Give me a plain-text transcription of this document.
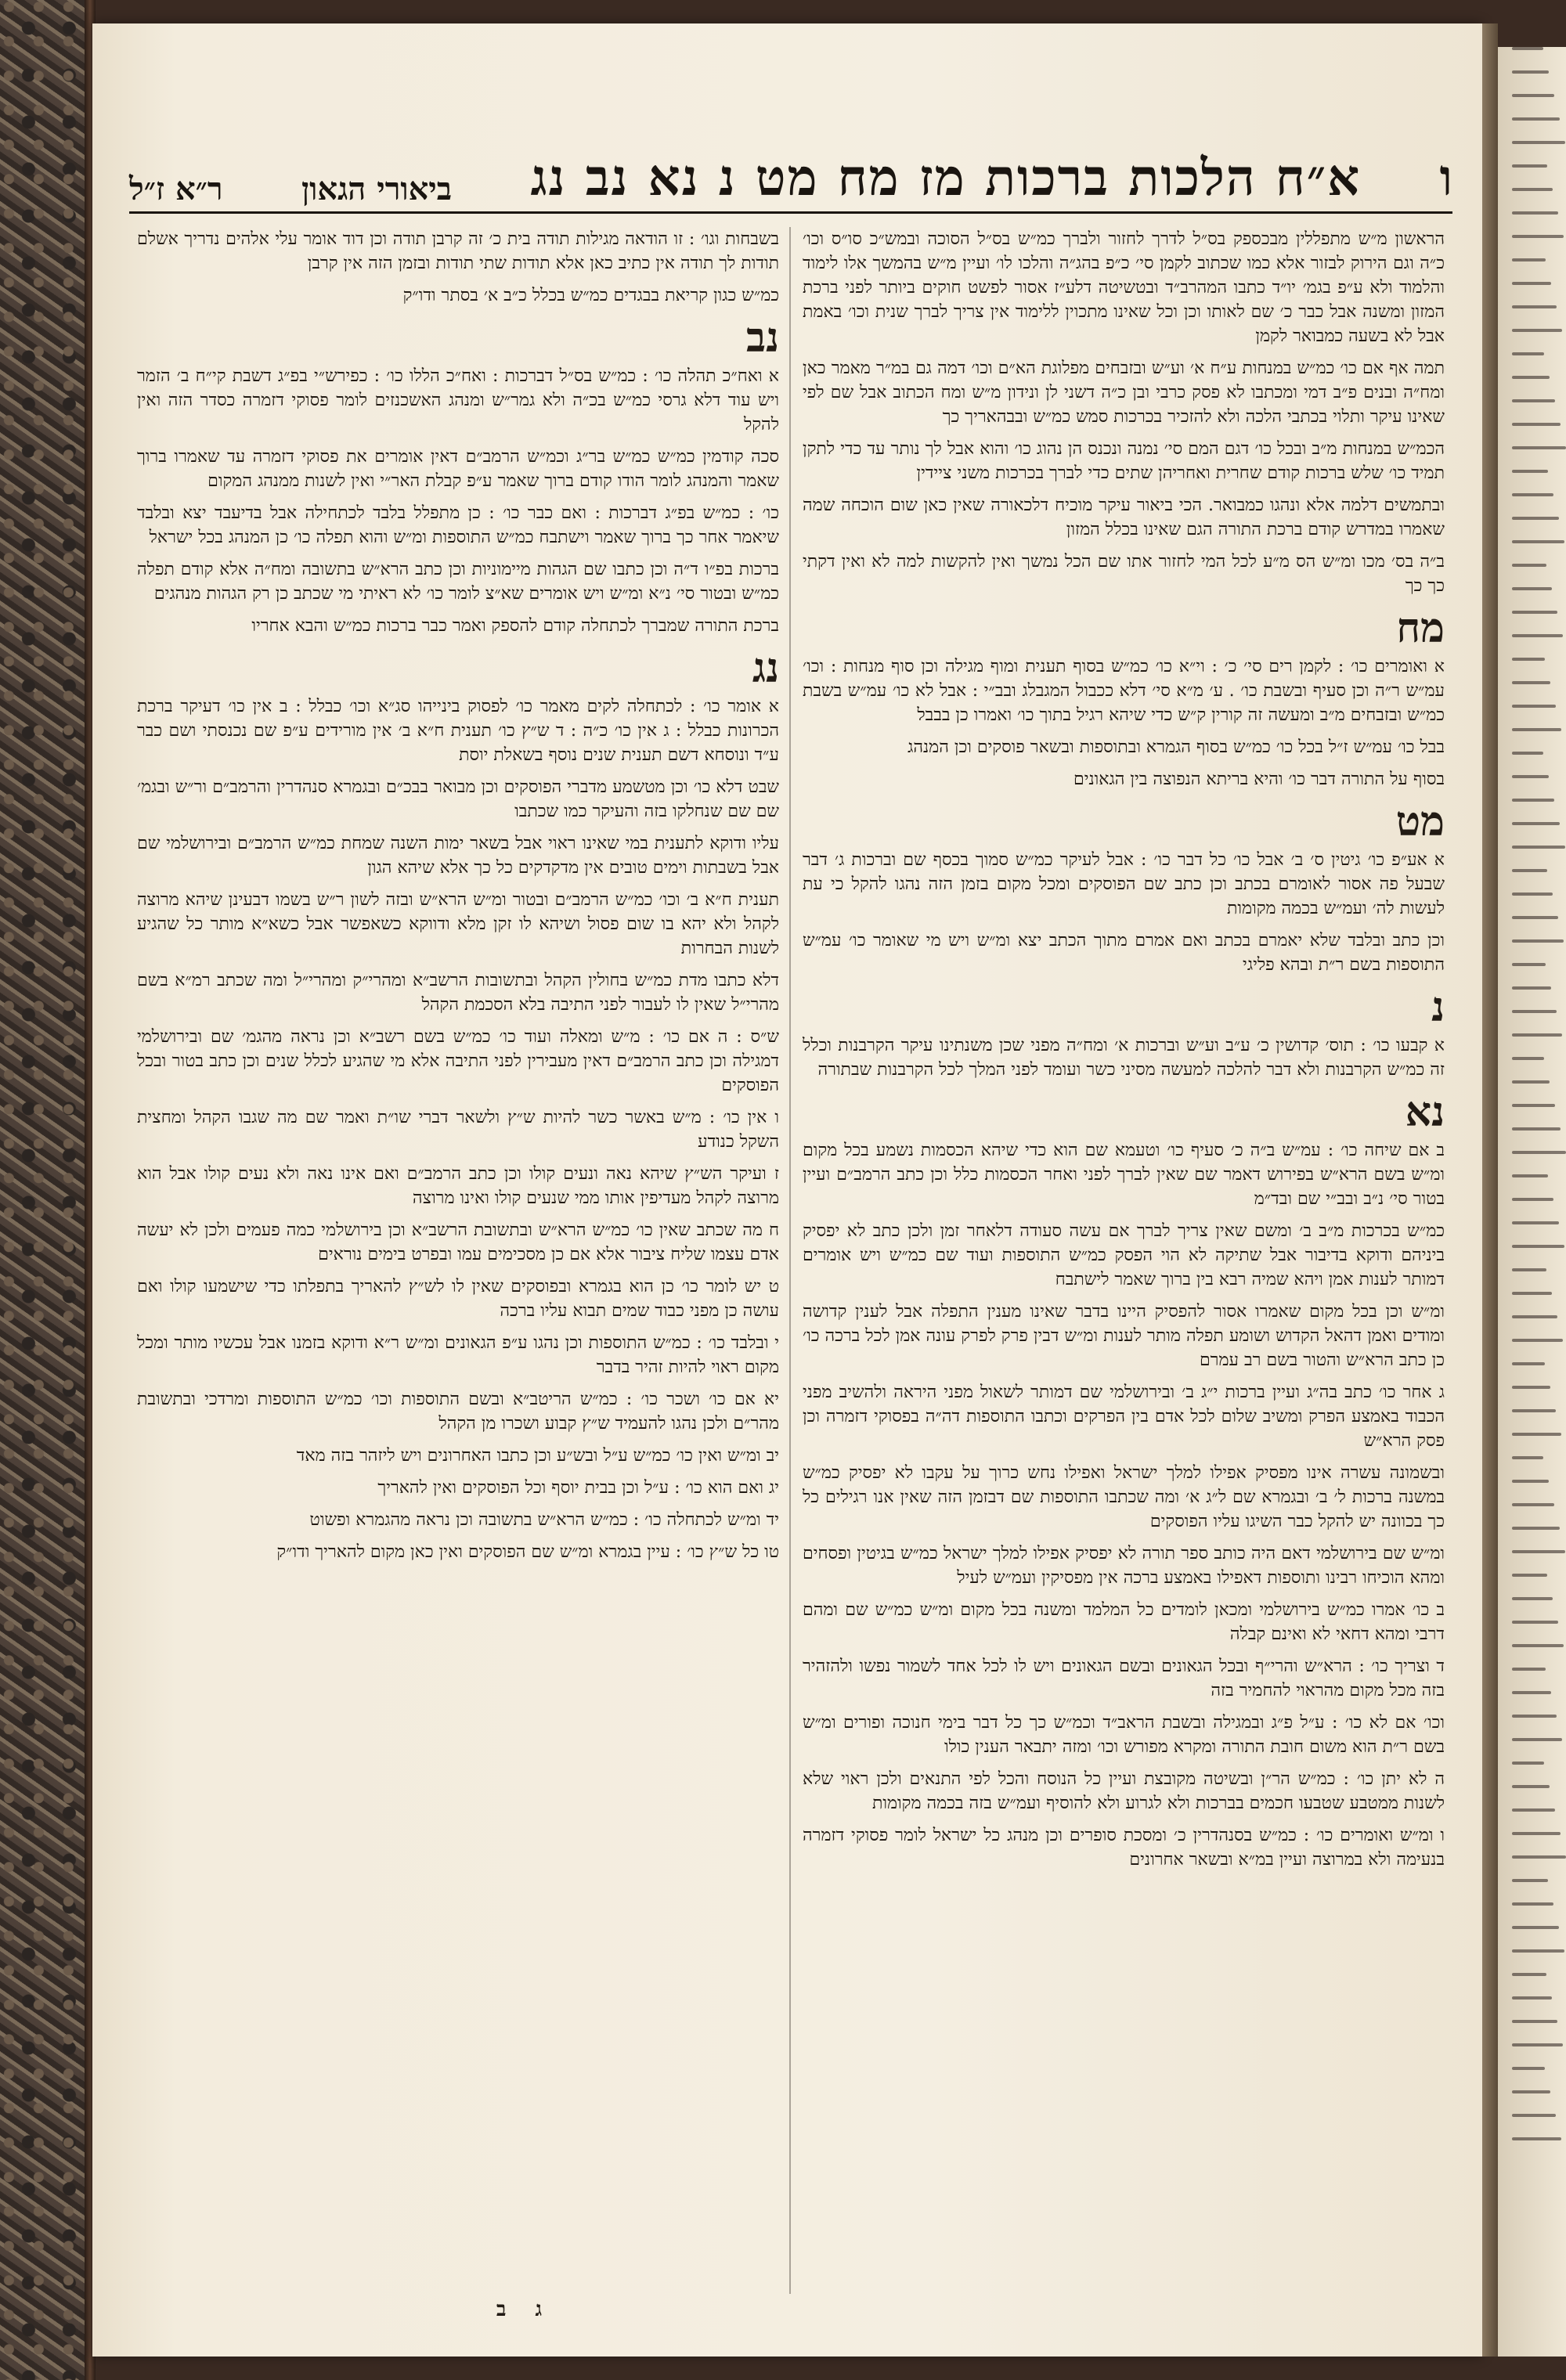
ו
א״ח הלכות ברכות מז מח מט נ נא נב נג
ביאורי הגאון
ר״א ז״ל

הראשון מ״ש מתפללין מבכספק בס״ל לדרך לחזור ולברך כמ״ש בס״ל הסוכה ובמש״כ סו״ס וכו׳ כ״ה וגם הירוק לבזור אלא כמו שכתוב לקמן סי׳ כ״פ בהג״ה והלכו לו׳ ועיין מ״ש בהמשך אלו לימוד והלמוד ולא ע״פ בגמ׳ יו״ד כתבו המהרב״ד ובטשיטה דלע״ז אסור לפשט חוקים ביותר לפני ברכת המזון ומשנה אבל כבר כ׳ שם לאותו וכן וכל שאינו מתכוין ללימוד אין צריך לברך שנית וכו׳ באמת אבל לא בשעה כמבואר לקמן

תמה אף אם כו׳ כמ״ש במנחות ע״ח א׳ וע״ש ובזבחים מפלוגת הא״ם וכו׳ דמה גם במ״ר מאמר כאן ומח״ה ובנים פ״ב דמי ומכתבו לא פסק כרבי ובן כ״ה דשני לן ונידון מ״ש ומח הכתוב אבל שם לפי שאינו עיקר ותלוי בכתבי הלכה ולא להזכיר בכרכות סמש כמ״ש ובבהאריך כך

הכמ״ש במנחות מ״ב ובכל כו׳ דגם המם סי׳ נמנה ונכנס הן נהוג כו׳ והוא אבל לך נותר עד כדי לתקן תמיד כו׳ שלש ברכות קודם שחרית ואחריהן שתים כדי לברך בכרכות משני ציידין

ובתמשים דלמה אלא ונהגו כמבואר. הכי ביאור עיקר מוכיח דלכאורה שאין כאן שום הוכחה שמה שאמרו במדרש קודם ברכת התורה הגם שאינו בכלל המזון

ב״ה בס׳ מכו ומ״ש הס מ״ע לכל המי לחזור אתו שם הכל נמשך ואין להקשות למה לא ואין דקתי כך כך

מח

א ואומרים כו׳ : לקמן רים סי׳ כ׳ : וי״א כו׳ כמ״ש בסוף תענית ומוף מגילה וכן סוף מנחות : וכו׳ עמ״ש ר״ה וכן סעיף ובשבת כו׳ . ע׳ מ״א סי׳ דלא ככבול המגבלג ובב״י : אבל לא כו׳ עמ״ש בשבת כמ״ש ובזבחים מ״ב ומעשה זה קורין ק״ש כדי שיהא רגיל בתוך כו׳ ואמרו כן בבבל

בבל כו׳ עמ״ש ז״ל בכל כו׳ כמ״ש בסוף הגמרא ובתוספות ובשאר פוסקים וכן המנהג

בסוף על התורה דבר כו׳ והיא בריתא הנפוצה בין הגאונים

מט

א אע״פ כו׳ גיטין ס׳ ב׳ אבל כו׳ כל דבר כו׳ : אבל לעיקר כמ״ש סמוך בכסף שם וברכות ג׳ דבר שבעל פה אסור לאומרם בכתב וכן כתב שם הפוסקים ומכל מקום בזמן הזה נהגו להקל כי עת לעשות לה׳ ועמ״ש בכמה מקומות

וכן כתב ובלבד שלא יאמרם בכתב ואם אמרם מתוך הכתב יצא ומ״ש ויש מי שאומר כו׳ עמ״ש התוספות בשם ר״ת ובהא פליגי

נ

א קבעו כו׳ : תוס׳ קדושין כ׳ ע״ב וע״ש וברכות א׳ ומח״ה מפני שכן משנתינו עיקר הקרבנות וכלל זה כמ״ש הקרבנות ולא דבר להלכה למעשה מסיני כשר ועומד לפני המלך לכל הקרבנות שבתורה

נא

ב אם שיחה כו׳ : עמ״ש ב״ה כ׳ סעיף כו׳ וטעמא שם הוא כדי שיהא הכסמות נשמע בכל מקום ומ״ש בשם הרא״ש בפירוש דאמר שם שאין לברך לפני ואחר הכסמות כלל וכן כתב הרמב״ם ועיין בטור סי׳ נ״ב ובב״י שם ובד״מ

כמ״ש בכרכות מ״ב ב׳ ומשם שאין צריך לברך אם עשה סעודה דלאחר זמן ולכן כתב לא יפסיק ביניהם ודוקא בדיבור אבל שתיקה לא הוי הפסק כמ״ש התוספות ועוד שם כמ״ש ויש אומרים דמותר לענות אמן ויהא שמיה רבא בין ברוך שאמר לישתבח

ומ״ש וכן בכל מקום שאמרו אסור להפסיק היינו בדבר שאינו מענין התפלה אבל לענין קדושה ומודים ואמן דהאל הקדוש ושומע תפלה מותר לענות ומ״ש דבין פרק לפרק עונה אמן לכל ברכה כו׳ כן כתב הרא״ש והטור בשם רב עמרם

ג אחר כו׳ כתב בה״ג ועיין ברכות י״ג ב׳ ובירושלמי שם דמותר לשאול מפני היראה ולהשיב מפני הכבוד באמצע הפרק ומשיב שלום לכל אדם בין הפרקים וכתבו התוספות דה״ה בפסוקי דזמרה וכן פסק הרא״ש

ובשמונה עשרה אינו מפסיק אפילו למלך ישראל ואפילו נחש כרוך על עקבו לא יפסיק כמ״ש במשנה ברכות ל׳ ב׳ ובגמרא שם ל״ג א׳ ומה שכתבו התוספות שם דבזמן הזה שאין אנו רגילים כל כך בכוונה יש להקל כבר השיגו עליו הפוסקים

ומ״ש שם בירושלמי דאם היה כותב ספר תורה לא יפסיק אפילו למלך ישראל כמ״ש בגיטין ופסחים ומהא הוכיחו רבינו ותוספות דאפילו באמצע ברכה אין מפסיקין ועמ״ש לעיל

ב כו׳ אמרו כמ״ש בירושלמי ומכאן לומדים כל המלמד ומשנה בכל מקום ומ״ש כמ״ש שם ומהם דרבי ומהא דחאי לא ואינם קבלה

ד וצריך כו׳ : הרא״ש והרי״ף ובכל הגאונים ובשם הגאונים ויש לו לכל אחד לשמור נפשו ולהזהיר בזה מכל מקום מהראוי להחמיר בזה

וכו׳ אם לא כו׳ : ע״ל פ״ג ובמגילה ובשבת הראב״ד וכמ״ש כך כל דבר בימי חנוכה ופורים ומ״ש בשם ר״ת הוא משום חובת התורה ומקרא מפורש וכו׳ ומזה יתבאר הענין כולו

ה לא יתן כו׳ : כמ״ש הר״ן ובשיטה מקובצת ועיין כל הנוסח והכל לפי התנאים ולכן ראוי שלא לשנות ממטבע שטבעו חכמים בברכות ולא לגרוע ולא להוסיף ועמ״ש בזה בכמה מקומות

ו ומ״ש ואומרים כו׳ : כמ״ש בסנהדרין כ׳ ומסכת סופרים וכן מנהג כל ישראל לומר פסוקי דזמרה בנעימה ולא במרוצה ועיין במ״א ובשאר אחרונים

בשבחות וגו׳ : זו הודאה מגילות תודה בית כ׳ זה קרבן תודה וכן דוד אומר עלי אלהים נדריך אשלם תודות לך תודה אין כתיב כאן אלא תודות שתי תודות ובזמן הזה אין קרבן

כמ״ש כגון קריאת בבגדים כמ״ש בכלל כ״ב א׳ בסתר ודו״ק

נב

א ואח״כ תהלה כו׳ : כמ״ש בס״ל דברכות : ואח״כ הללו כו׳ : כפירש״י בפ״ג דשבת קי״ח ב׳ הזמר ויש עוד דלא גרסי כמ״ש בכ״ה ולא גמר״ש ומנהג האשכנזים לומר פסוקי דזמרה כסדר הזה ואין להקל

סכה קודמין כמ״ש כמ״ש בר״ג וכמ״ש הרמב״ם דאין אומרים את פסוקי דזמרה עד שאמרו ברוך שאמר והמנהג לומר הודו קודם ברוך שאמר ע״פ קבלת האר״י ואין לשנות ממנהג המקום

כו׳ : כמ״ש בפ״ג דברכות : ואם כבר כו׳ : כן מתפלל בלבד לכתחילה אבל בדיעבד יצא ובלבד שיאמר אחר כך ברוך שאמר וישתבח כמ״ש התוספות ומ״ש והוא תפלה כו׳ כן המנהג בכל ישראל

ברכות בפ״ו ד״ה וכן כתבו שם הגהות מיימוניות וכן כתב הרא״ש בתשובה ומח״ה אלא קודם תפלה כמ״ש ובטור סי׳ נ״א ומ״ש ויש אומרים שא״צ לומר כו׳ לא ראיתי מי שכתב כן רק הגהות מנהגים

ברכת התורה שמברך לכתחלה קודם להספק ואמר כבר ברכות כמ״ש והבא אחריו

נג

א אומר כו׳ : לכתחלה לקים מאמר כו׳ לפסוק בינייהו סג״א וכו׳ כבלל : ב אין כו׳ דעיקר ברכת הכרונות כבלל : ג אין כו׳ כ״ה : ד ש״ץ כו׳ תענית ח״א ב׳ אין מורידים ע״פ שם נכנסתי ושם כבר ע״ד ונוסחא דשם תענית שנים נוסף בשאלת יוסת

שבט דלא כו׳ וכן מטשמע מדברי הפוסקים וכן מבואר בבכ״ם ובגמרא סנהדרין והרמב״ם ור״ש ובגמ׳ שם שם שנחלקו בזה והעיקר כמו שכתבו

עליו ודוקא לתענית במי שאינו ראוי אבל בשאר ימות השנה שמחת כמ״ש הרמב״ם ובירושלמי שם אבל בשבתות וימים טובים אין מדקדקים כל כך אלא שיהא הגון

תענית ח״א ב׳ וכו׳ כמ״ש הרמב״ם ובטור ומ״ש הרא״ש ובזה לשון ר״ש בשמו דבעינן שיהא מרוצה לקהל ולא יהא בו שום פסול ושיהא לו זקן מלא ודווקא כשאפשר אבל כשא״א מותר כל שהגיע לשנות הבחרות

דלא כתבו מדת כמ״ש בחולין הקהל ובתשובות הרשב״א ומהרי״ק ומהרי״ל ומה שכתב רמ״א בשם מהרי״ל שאין לו לעבור לפני התיבה בלא הסכמת הקהל

ש״ס : ה אם כו׳ : מ״ש ומאלה ועוד כו׳ כמ״ש בשם רשב״א וכן נראה מהגמ׳ שם ובירושלמי דמגילה וכן כתב הרמב״ם דאין מעבירין לפני התיבה אלא מי שהגיע לכלל שנים וכן כתב בטור ובכל הפוסקים

ו אין כו׳ : מ״ש באשר כשר להיות ש״ץ ולשאר דברי שו״ת ואמר שם מה שגבו הקהל ומחצית השקל כנודע

ז ועיקר הש״ץ שיהא נאה ונעים קולו וכן כתב הרמב״ם ואם אינו נאה ולא נעים קולו אבל הוא מרוצה לקהל מעדיפין אותו ממי שנעים קולו ואינו מרוצה

ח מה שכתב שאין כו׳ כמ״ש הרא״ש ובתשובת הרשב״א וכן בירושלמי כמה פעמים ולכן לא יעשה אדם עצמו שליח ציבור אלא אם כן מסכימים עמו ובפרט בימים נוראים

ט יש לומר כו׳ כן הוא בגמרא ובפוסקים שאין לו לש״ץ להאריך בתפלתו כדי שישמעו קולו ואם עושה כן מפני כבוד שמים תבוא עליו ברכה

י ובלבד כו׳ : כמ״ש התוספות וכן נהגו ע״פ הגאונים ומ״ש ר״א ודוקא בזמנו אבל עכשיו מותר ומכל מקום ראוי להיות זהיר בדבר

יא אם כו׳ ושכר כו׳ : כמ״ש הריטב״א ובשם התוספות וכו׳ כמ״ש התוספות ומרדכי ובתשובת מהר״ם ולכן נהגו להעמיד ש״ץ קבוע ושכרו מן הקהל

יב ומ״ש ואין כו׳ כמ״ש ע״ל ובש״ע וכן כתבו האחרונים ויש ליזהר בזה מאד

יג ואם הוא כו׳ : ע״ל וכן בבית יוסף וכל הפוסקים ואין להאריך

יד ומ״ש לכתחלה כו׳ : כמ״ש הרא״ש בתשובה וכן נראה מהגמרא ופשוט

טו כל ש״ץ כו׳ : עיין בגמרא ומ״ש שם הפוסקים ואין כאן מקום להאריך ודו״ק

ג ב
